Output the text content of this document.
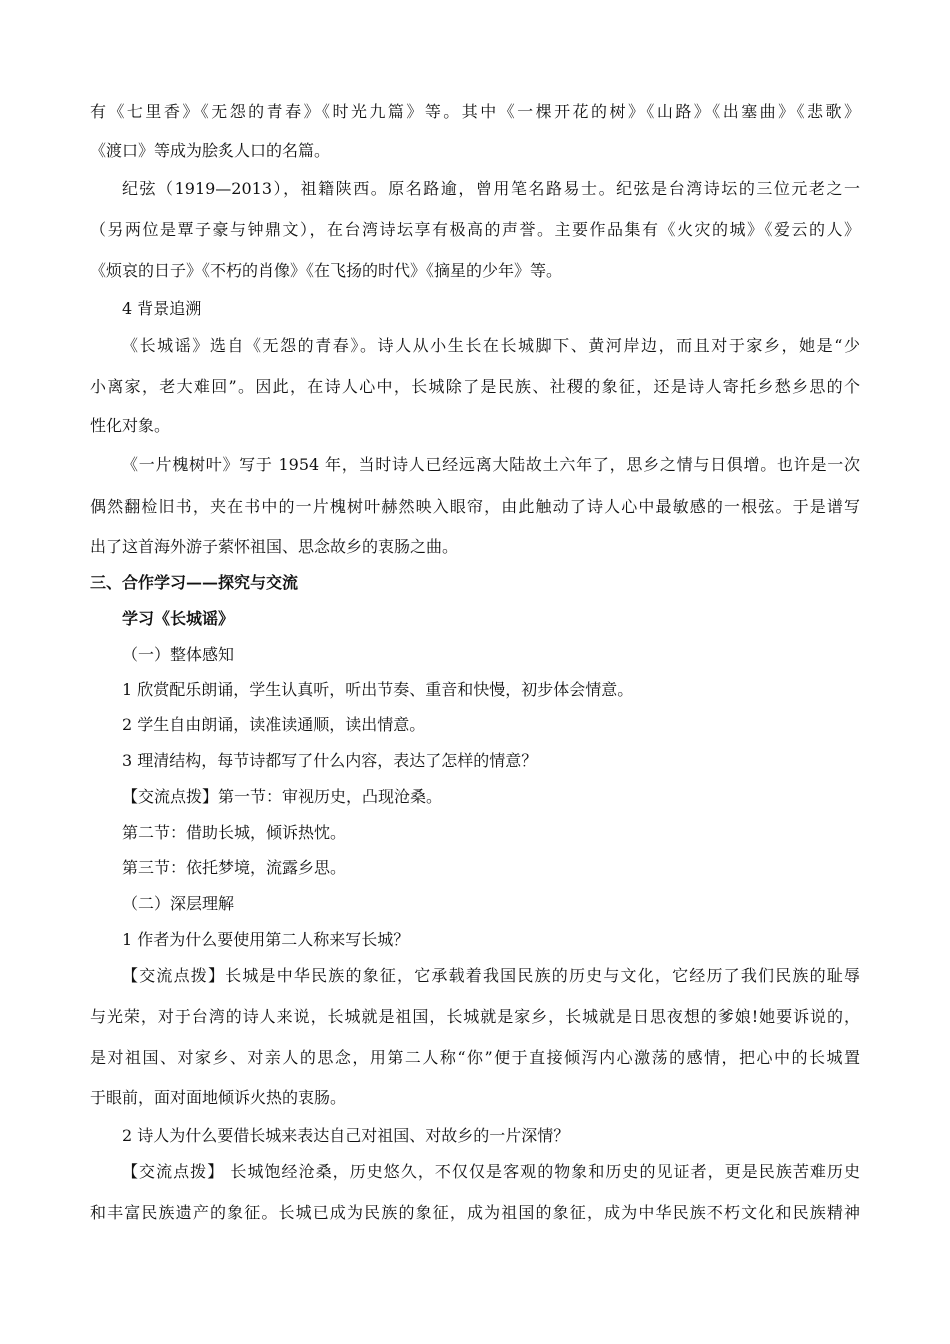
有《七里香》《无怨的青春》《时光九篇》等。其中《一棵开花的树》《山路》《出塞曲》《悲歌》
《渡口》等成为脍炙人口的名篇。
纪弦（1919—2013），祖籍陕西。原名路逾，曾用笔名路易士。纪弦是台湾诗坛的三位元老之一
（另两位是覃子豪与钟鼎文），在台湾诗坛享有极高的声誉。主要作品集有《火灾的城》《爱云的人》
《烦哀的日子》《不朽的肖像》《在飞扬的时代》《摘星的少年》等。
4 背景追溯
《长城谣》选自《无怨的青春》。诗人从小生长在长城脚下、黄河岸边，而且对于家乡，她是“少
小离家，老大难回”。因此，在诗人心中，长城除了是民族、社稷的象征，还是诗人寄托乡愁乡思的个
性化对象。
《一片槐树叶》写于 1954 年，当时诗人已经远离大陆故土六年了，思乡之情与日俱增。也许是一次
偶然翻检旧书，夹在书中的一片槐树叶赫然映入眼帘，由此触动了诗人心中最敏感的一根弦。于是谱写
出了这首海外游子萦怀祖国、思念故乡的衷肠之曲。
三、合作学习——探究与交流
学习《长城谣》
（一）整体感知
1 欣赏配乐朗诵，学生认真听，听出节奏、重音和快慢，初步体会情意。
2 学生自由朗诵，读准读通顺，读出情意。
3 理清结构，每节诗都写了什么内容，表达了怎样的情意？
【交流点拨】第一节：审视历史，凸现沧桑。
第二节：借助长城，倾诉热忱。
第三节：依托梦境，流露乡思。
（二）深层理解
1 作者为什么要使用第二人称来写长城？
【交流点拨】长城是中华民族的象征，它承载着我国民族的历史与文化，它经历了我们民族的耻辱
与光荣，对于台湾的诗人来说，长城就是祖国，长城就是家乡，长城就是日思夜想的爹娘!她要诉说的，
是对祖国、对家乡、对亲人的思念，用第二人称“你”便于直接倾泻内心激荡的感情，把心中的长城置
于眼前，面对面地倾诉火热的衷肠。
2 诗人为什么要借长城来表达自己对祖国、对故乡的一片深情？
【交流点拨】 长城饱经沧桑，历史悠久，不仅仅是客观的物象和历史的见证者，更是民族苦难历史
和丰富民族遗产的象征。长城已成为民族的象征，成为祖国的象征，成为中华民族不朽文化和民族精神
